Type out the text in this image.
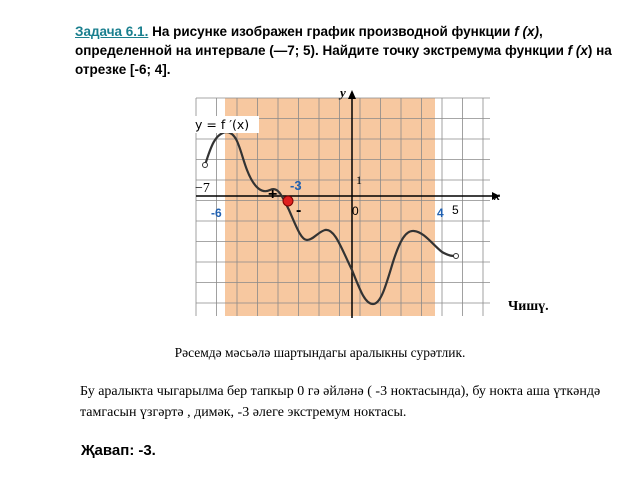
Задача 6.1. На рисунке изображен график производной функции f (x), определенной на интервале (—7; 5). Найдите точку экстремума функции f (x) на отрезке [-6; 4].
y
x
y = f ′(x)
1
0
−7
5
-6	4
-3
+
-
Чишү.
Рәсемдә мәсьәлә шартындагы аралыкны сурәтлик.
Бу аралыкта чыгарылма бер тапкыр 0 гә әйләнә ( -3 ноктасында), бу нокта аша үткәндә тамгасын үзгәртә , димәк, -3 әлеге экстремум ноктасы.
Җавап: -3.
